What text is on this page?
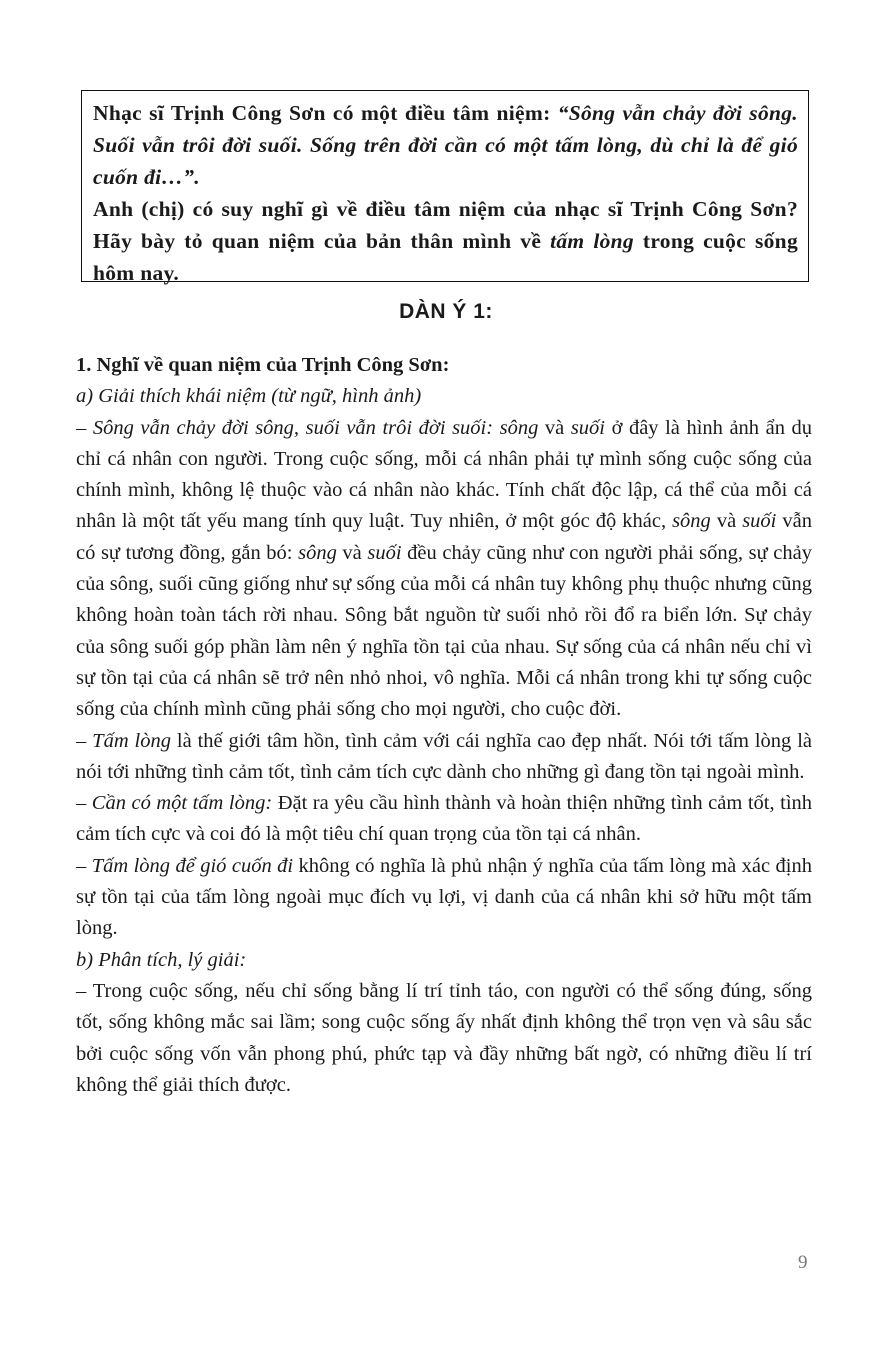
Nhạc sĩ Trịnh Công Sơn có một điều tâm niệm: “Sông vẫn chảy đời sông. Suối vẫn trôi đời suối. Sống trên đời cần có một tấm lòng, dù chỉ là để gió cuốn đi…”.

Anh (chị) có suy nghĩ gì về điều tâm niệm của nhạc sĩ Trịnh Công Sơn? Hãy bày tỏ quan niệm của bản thân mình về tấm lòng trong cuộc sống hôm nay.

DÀN Ý 1:

1. Nghĩ về quan niệm của Trịnh Công Sơn:

a) Giải thích khái niệm (từ ngữ, hình ảnh)

– Sông vẫn chảy đời sông, suối vẫn trôi đời suối: sông và suối ở đây là hình ảnh ẩn dụ chỉ cá nhân con người. Trong cuộc sống, mỗi cá nhân phải tự mình sống cuộc sống của chính mình, không lệ thuộc vào cá nhân nào khác. Tính chất độc lập, cá thể của mỗi cá nhân là một tất yếu mang tính quy luật. Tuy nhiên, ở một góc độ khác, sông và suối vẫn có sự tương đồng, gắn bó: sông và suối đều chảy cũng như con người phải sống, sự chảy của sông, suối cũng giống như sự sống của mỗi cá nhân tuy không phụ thuộc nhưng cũng không hoàn toàn tách rời nhau. Sông bắt nguồn từ suối nhỏ rồi đổ ra biển lớn. Sự chảy của sông suối góp phần làm nên ý nghĩa tồn tại của nhau. Sự sống của cá nhân nếu chỉ vì sự tồn tại của cá nhân sẽ trở nên nhỏ nhoi, vô nghĩa. Mỗi cá nhân trong khi tự sống cuộc sống của chính mình cũng phải sống cho mọi người, cho cuộc đời.

– Tấm lòng là thế giới tâm hồn, tình cảm với cái nghĩa cao đẹp nhất. Nói tới tấm lòng là nói tới những tình cảm tốt, tình cảm tích cực dành cho những gì đang tồn tại ngoài mình.

– Cần có một tấm lòng: Đặt ra yêu cầu hình thành và hoàn thiện những tình cảm tốt, tình cảm tích cực và coi đó là một tiêu chí quan trọng của tồn tại cá nhân.

– Tấm lòng để gió cuốn đi không có nghĩa là phủ nhận ý nghĩa của tấm lòng mà xác định sự tồn tại của tấm lòng ngoài mục đích vụ lợi, vị danh của cá nhân khi sở hữu một tấm lòng.

b) Phân tích, lý giải:

– Trong cuộc sống, nếu chỉ sống bằng lí trí tỉnh táo, con người có thể sống đúng, sống tốt, sống không mắc sai lầm; song cuộc sống ấy nhất định không thể trọn vẹn và sâu sắc bởi cuộc sống vốn vẫn phong phú, phức tạp và đầy những bất ngờ, có những điều lí trí không thể giải thích được.

9
